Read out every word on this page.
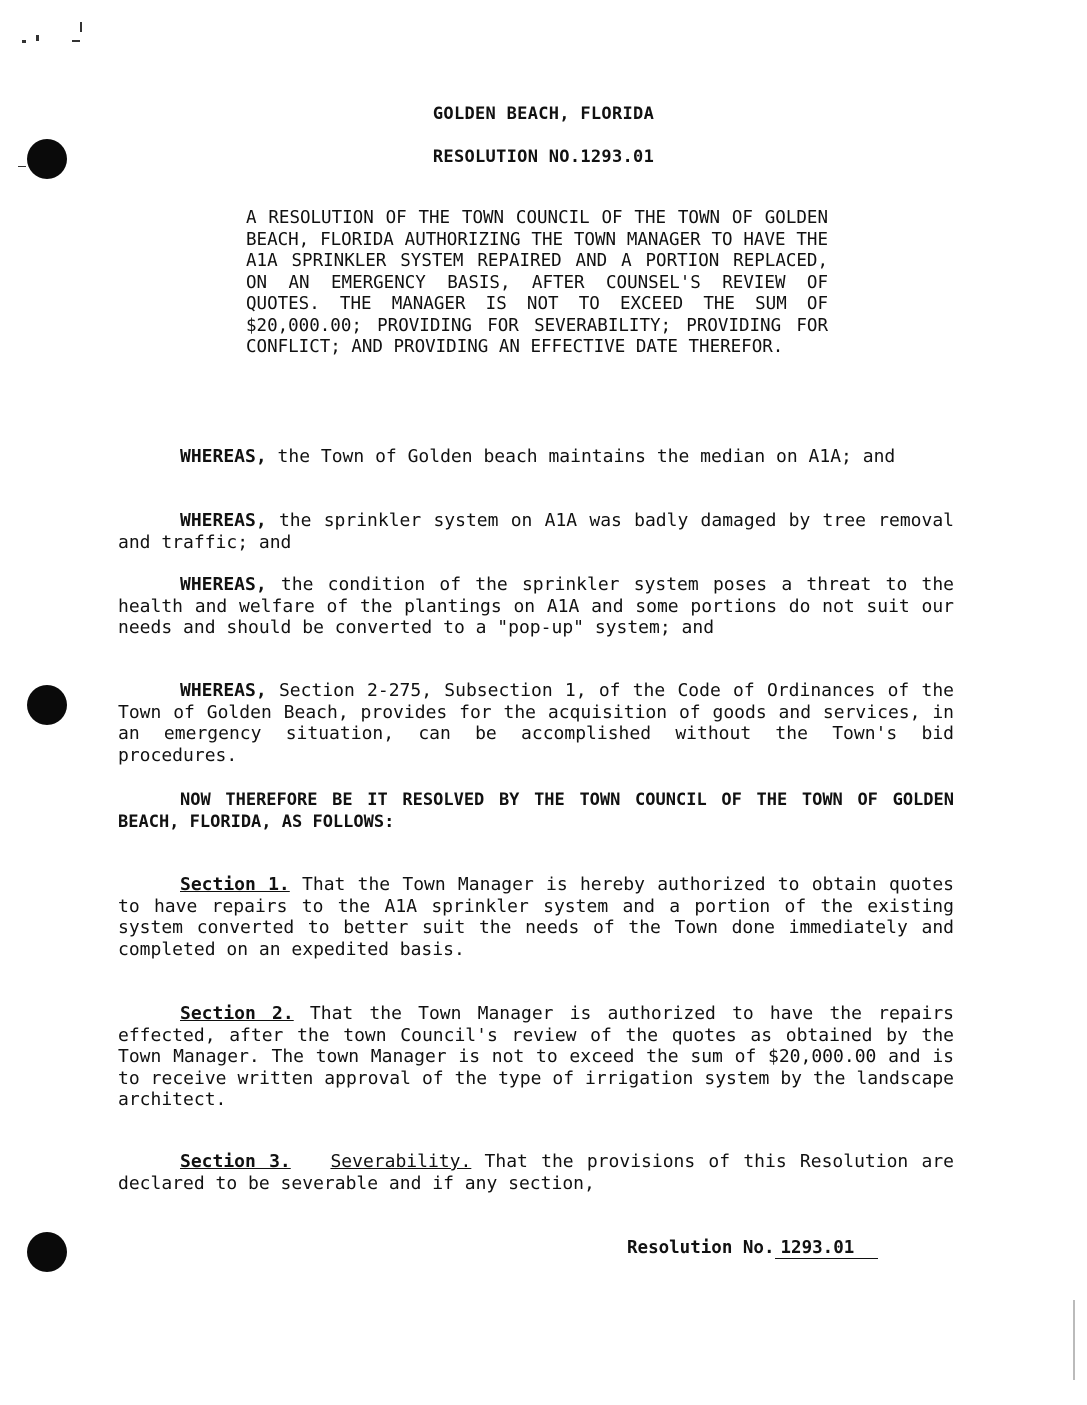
GOLDEN BEACH, FLORIDA
RESOLUTION NO.1293.01
A RESOLUTION OF THE TOWN COUNCIL OF THE TOWN OF GOLDEN BEACH, FLORIDA AUTHORIZING THE TOWN MANAGER TO HAVE THE A1A SPRINKLER SYSTEM REPAIRED AND A PORTION REPLACED, ON AN EMERGENCY BASIS, AFTER COUNSEL'S REVIEW OF QUOTES. THE MANAGER IS NOT TO EXCEED THE SUM OF $20,000.00; PROVIDING FOR SEVERABILITY; PROVIDING FOR CONFLICT; AND PROVIDING AN EFFECTIVE DATE THEREFOR.
WHEREAS, the Town of Golden beach maintains the median on A1A; and
WHEREAS, the sprinkler system on A1A was badly damaged by tree removal and traffic; and
WHEREAS, the condition of the sprinkler system poses a threat to the health and welfare of the plantings on A1A and some portions do not suit our needs and should be converted to a "pop-up" system; and
WHEREAS, Section 2-275, Subsection 1, of the Code of Ordinances of the Town of Golden Beach, provides for the acquisition of goods and services, in an emergency situation, can be accomplished without the Town's bid procedures.
NOW THEREFORE BE IT RESOLVED BY THE TOWN COUNCIL OF THE TOWN OF GOLDEN BEACH, FLORIDA, AS FOLLOWS:
Section 1. That the Town Manager is hereby authorized to obtain quotes to have repairs to the A1A sprinkler system and a portion of the existing system converted to better suit the needs of the Town done immediately and completed on an expedited basis.
Section 2. That the Town Manager is authorized to have the repairs effected, after the town Council's review of the quotes as obtained by the Town Manager. The town Manager is not to exceed the sum of $20,000.00 and is to receive written approval of the type of irrigation system by the landscape architect.
Section 3. Severability. That the provisions of this Resolution are declared to be severable and if any section,
Resolution No. 1293.01
